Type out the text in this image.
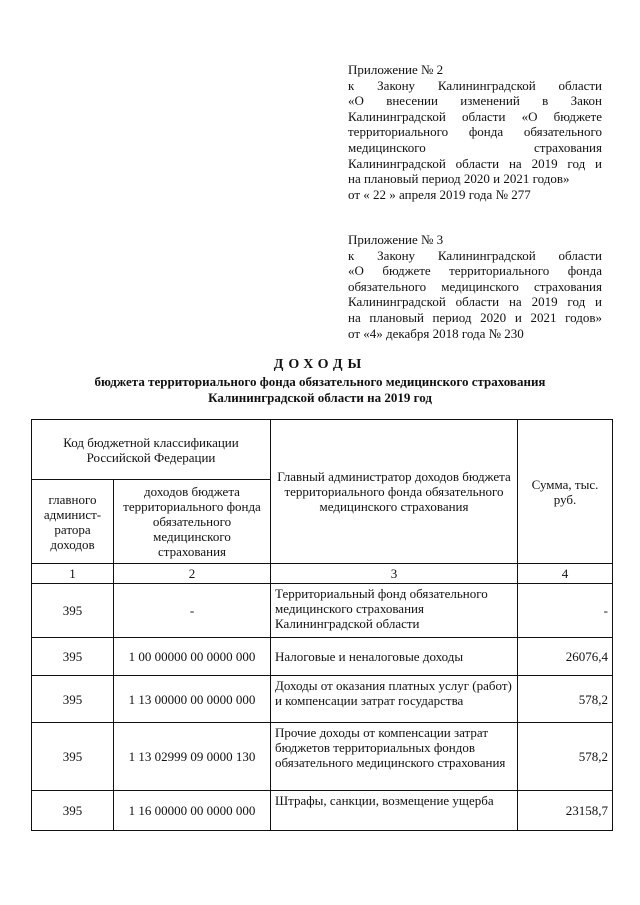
Приложение № 2
к Закону Калининградской области
«О внесении изменений в Закон
Калининградской области «О бюджете
территориального фонда обязательного
медицинского страхования
Калининградской области на 2019 год и
на плановый период 2020 и 2021 годов»
от « 22 » апреля 2019 года № 277
Приложение № 3
к Закону Калининградской области
«О бюджете территориального фонда
обязательного медицинского страхования
Калининградской области на 2019 год и
на плановый период 2020 и 2021 годов»
от «4» декабря 2018 года № 230
ДОХОДЫ
бюджета территориального фонда обязательного медицинского страхования
Калининградской области на 2019 год
Код бюджетной классификации Российской Федерации		Главный администратор доходов бюджета территориального фонда обязательного медицинского страхования	Сумма, тыс. руб.
главного админист-ратора доходов	доходов бюджета территориального фонда обязательного медицинского страхования		
1	2	3	4
395	-	Территориальный фонд обязательного медицинского страхования Калининградской области	-
395	1 00 00000 00 0000 000	Налоговые и неналоговые доходы	26076,4
395	1 13 00000 00 0000 000	Доходы от оказания платных услуг (работ) и компенсации затрат государства	578,2
395	1 13 02999 09 0000 130	Прочие доходы от компенсации затрат бюджетов территориальных фондов обязательного медицинского страхования	578,2
395	1 16 00000 00 0000 000	Штрафы, санкции, возмещение ущерба	23158,7
